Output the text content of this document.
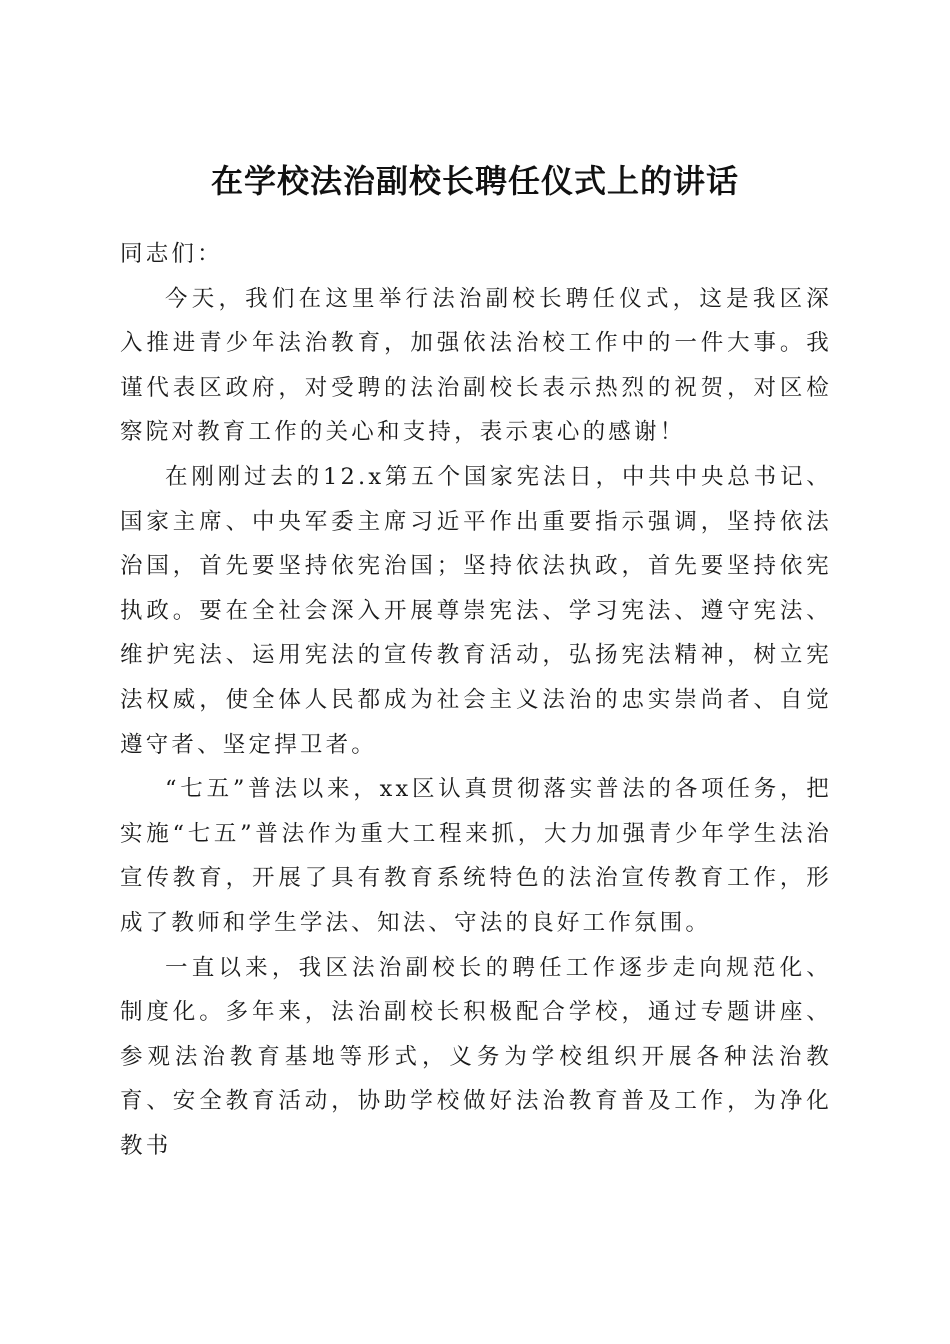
在学校法治副校长聘任仪式上的讲话

同志们：

今天，我们在这里举行法治副校长聘任仪式，这是我区深入推进青少年法治教育，加强依法治校工作中的一件大事。我谨代表区政府，对受聘的法治副校长表示热烈的祝贺，对区检察院对教育工作的关心和支持，表示衷心的感谢！

在刚刚过去的12.x第五个国家宪法日，中共中央总书记、国家主席、中央军委主席习近平作出重要指示强调，坚持依法治国，首先要坚持依宪治国；坚持依法执政，首先要坚持依宪执政。要在全社会深入开展尊崇宪法、学习宪法、遵守宪法、维护宪法、运用宪法的宣传教育活动，弘扬宪法精神，树立宪法权威，使全体人民都成为社会主义法治的忠实崇尚者、自觉遵守者、坚定捍卫者。

“七五”普法以来，xx区认真贯彻落实普法的各项任务，把实施“七五”普法作为重大工程来抓，大力加强青少年学生法治宣传教育，开展了具有教育系统特色的法治宣传教育工作，形成了教师和学生学法、知法、守法的良好工作氛围。

一直以来，我区法治副校长的聘任工作逐步走向规范化、制度化。多年来，法治副校长积极配合学校，通过专题讲座、参观法治教育基地等形式，义务为学校组织开展各种法治教育、安全教育活动，协助学校做好法治教育普及工作，为净化教书
